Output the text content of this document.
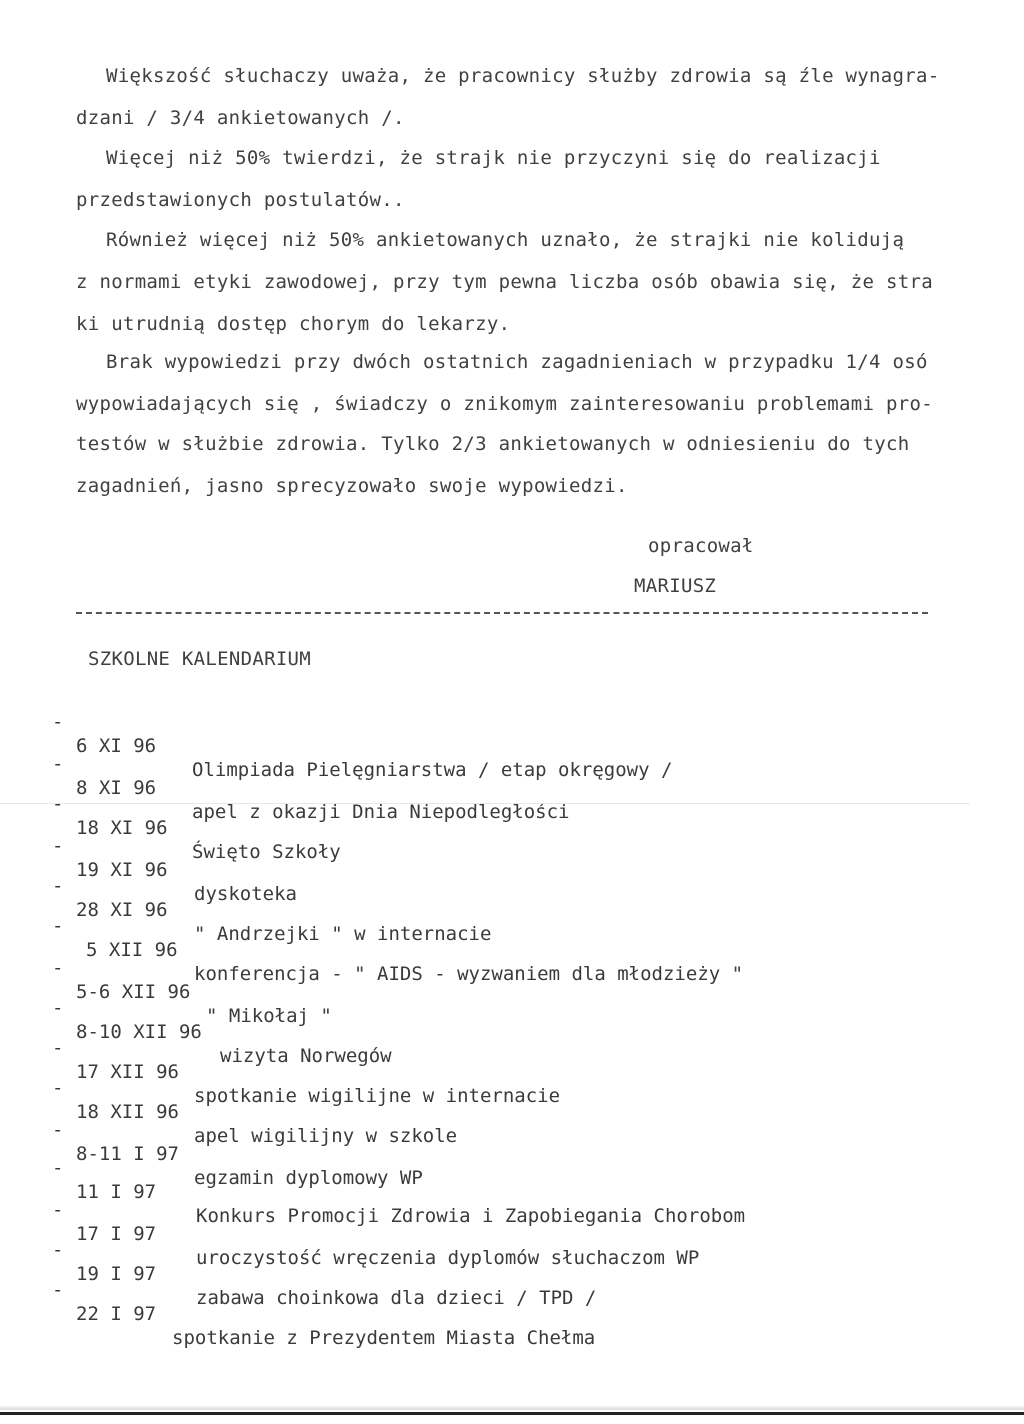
Większość słuchaczy uważa, że pracownicy służby zdrowia są źle wynagra-
dzani / 3/4 ankietowanych /.
Więcej niż 50% twierdzi, że strajk nie przyczyni się do realizacji
przedstawionych postulatów..
Również więcej niż 50% ankietowanych uznało, że strajki nie kolidują
z normami etyki zawodowej, przy tym pewna liczba osób obawia się, że stra
ki utrudnią dostęp chorym do lekarzy.
Brak wypowiedzi przy dwóch ostatnich zagadnieniach w przypadku 1/4 osó
wypowiadających się , świadczy o znikomym zainteresowaniu problemami pro-
testów w służbie zdrowia. Tylko 2/3 ankietowanych w odniesieniu do tych
zagadnień, jasno sprecyzowało swoje wypowiedzi.
opracował
MARIUSZ
SZKOLNE KALENDARIUM

-

6 XI 96

Olimpiada Pielęgniarstwa / etap okręgowy /

-

8 XI 96

apel z okazji Dnia Niepodległości

-

18 XI 96

Święto Szkoły

-

19 XI 96

dyskoteka

-

28 XI 96

" Andrzejki " w internacie

-

5 XII 96

konferencja - " AIDS - wyzwaniem dla młodzieży "

-

5-6 XII 96

" Mikołaj "

-

8-10 XII 96

wizyta Norwegów

-

17 XII 96

spotkanie wigilijne w internacie

-

18 XII 96

apel wigilijny w szkole

-

8-11 I 97

egzamin dyplomowy WP

-

11 I 97

Konkurs Promocji Zdrowia i Zapobiegania Chorobom

-

17 I 97

uroczystość wręczenia dyplomów słuchaczom WP

-

19 I 97

zabawa choinkowa dla dzieci / TPD /

-

22 I 97

spotkanie z Prezydentem Miasta Chełma
